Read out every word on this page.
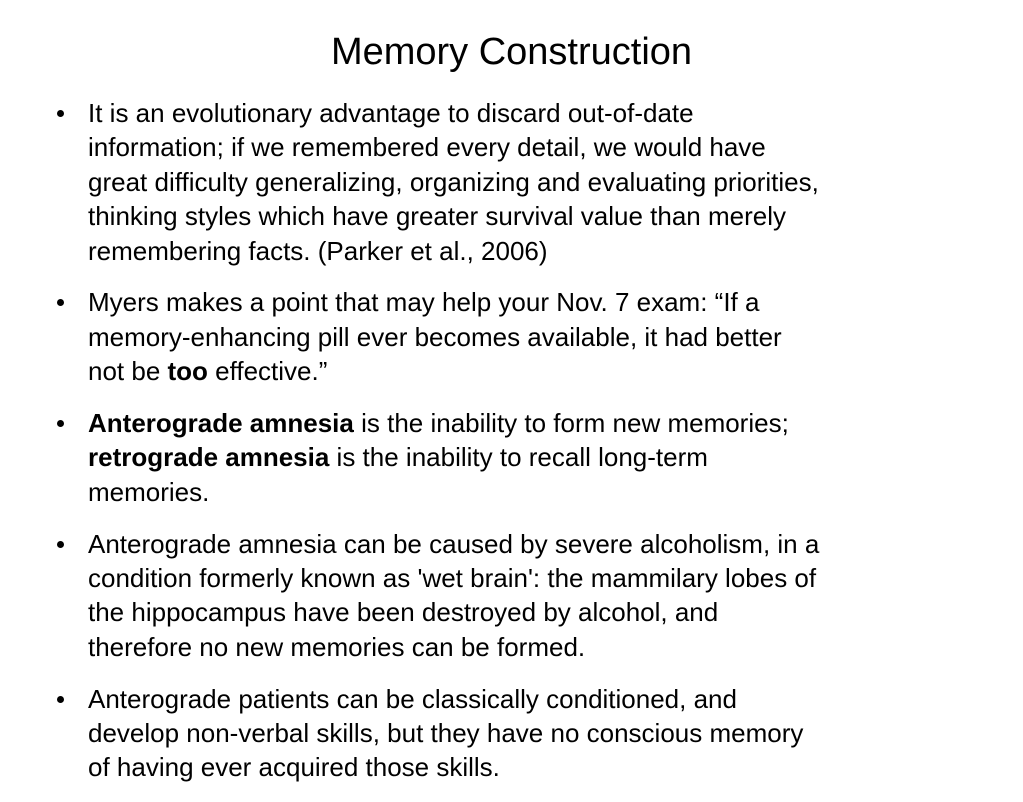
Memory Construction
It is an evolutionary advantage to discard out-of-date
information; if we remembered every detail, we would have
great difficulty generalizing, organizing and evaluating priorities,
thinking styles which have greater survival value than merely
remembering facts. (Parker et al., 2006)
Myers makes a point that may help your Nov. 7 exam: “If a
memory-enhancing pill ever becomes available, it had better
not be too effective.”
Anterograde amnesia is the inability to form new memories;
retrograde amnesia is the inability to recall long-term
memories.
Anterograde amnesia can be caused by severe alcoholism, in a
condition formerly known as 'wet brain': the mammilary lobes of
the hippocampus have been destroyed by alcohol, and
therefore no new memories can be formed.
Anterograde patients can be classically conditioned, and
develop non-verbal skills, but they have no conscious memory
of having ever acquired those skills.
